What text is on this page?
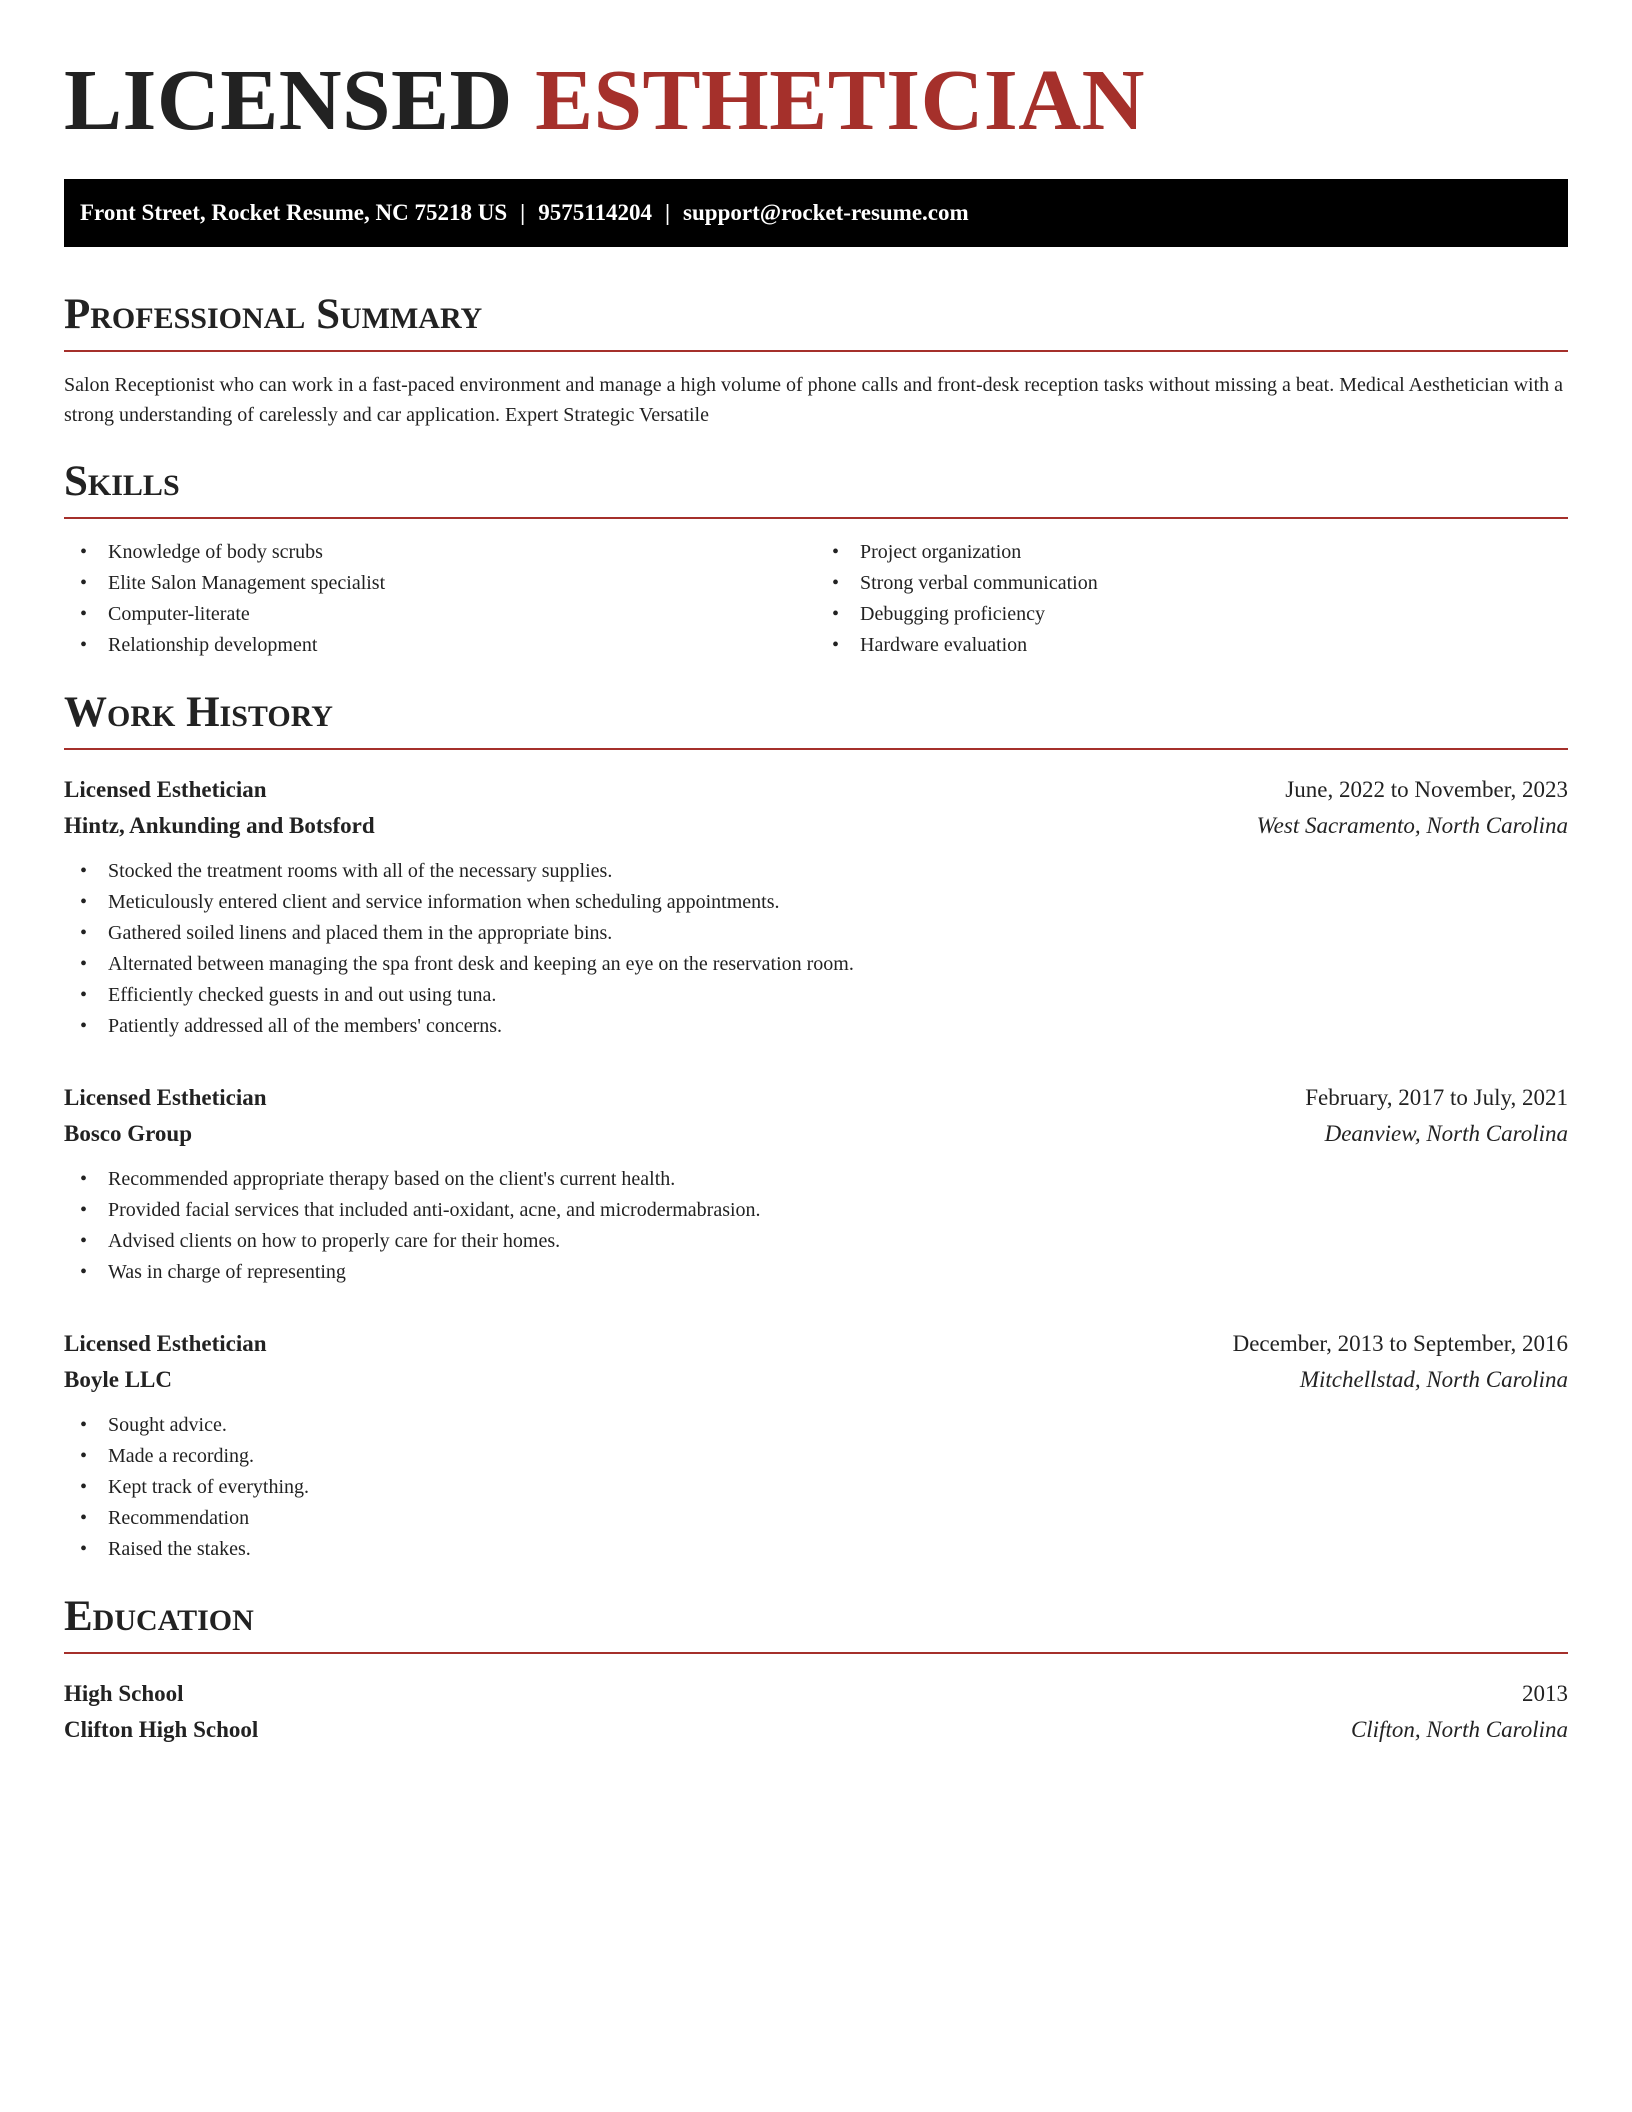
LICENSED ESTHETICIAN
Front Street, Rocket Resume, NC 75218 US | 9575114204 | support@rocket-resume.com
Professional Summary

Salon Receptionist who can work in a fast-paced environment and manage a high volume of phone calls and front-desk reception tasks without missing a beat. Medical Aesthetician with a strong understanding of carelessly and car application. Expert Strategic Versatile

Skills
• Knowledge of body scrubs
• Elite Salon Management specialist
• Computer-literate
• Relationship development
• Project organization
• Strong verbal communication
• Debugging proficiency
• Hardware evaluation
Work History
Licensed Esthetician	June, 2022 to November, 2023
Hintz, Ankunding and Botsford	West Sacramento, North Carolina
• Stocked the treatment rooms with all of the necessary supplies.
• Meticulously entered client and service information when scheduling appointments.
• Gathered soiled linens and placed them in the appropriate bins.
• Alternated between managing the spa front desk and keeping an eye on the reservation room.
• Efficiently checked guests in and out using tuna.
• Patiently addressed all of the members' concerns.
Licensed Esthetician	February, 2017 to July, 2021
Bosco Group	Deanview, North Carolina
• Recommended appropriate therapy based on the client's current health.
• Provided facial services that included anti-oxidant, acne, and microdermabrasion.
• Advised clients on how to properly care for their homes.
• Was in charge of representing
Licensed Esthetician	December, 2013 to September, 2016
Boyle LLC	Mitchellstad, North Carolina
• Sought advice.
• Made a recording.
• Kept track of everything.
• Recommendation
• Raised the stakes.
Education
High School	2013
Clifton High School	Clifton, North Carolina
